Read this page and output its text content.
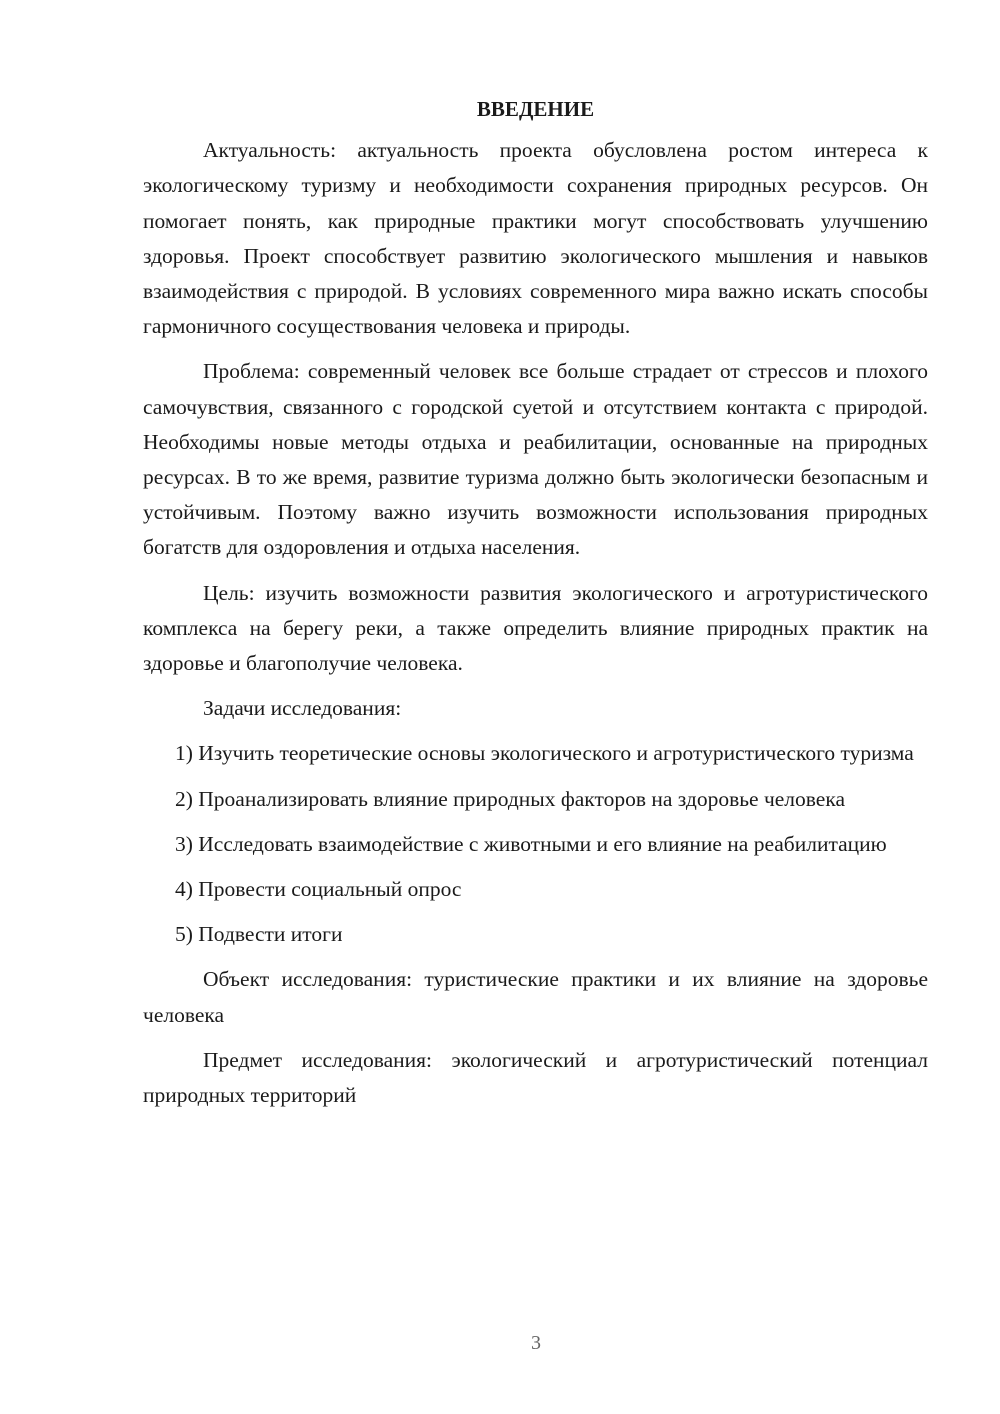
ВВЕДЕНИЕ

Актуальность: актуальность проекта обусловлена ростом интереса к экологическому туризму и необходимости сохранения природных ресурсов. Он помогает понять, как природные практики могут способствовать улучшению здоровья. Проект способствует развитию экологического мышления и навыков взаимодействия с природой. В условиях современного мира важно искать способы гармоничного сосуществования человека и природы.

Проблема: современный человек все больше страдает от стрессов и плохого самочувствия, связанного с городской суетой и отсутствием контакта с природой. Необходимы новые методы отдыха и реабилитации, основанные на природных ресурсах. В то же время, развитие туризма должно быть экологически безопасным и устойчивым. Поэтому важно изучить возможности использования природных богатств для оздоровления и отдыха населения.

Цель: изучить возможности развития экологического и агротуристического комплекса на берегу реки, а также определить влияние природных практик на здоровье и благополучие человека.

Задачи исследования:

1) Изучить теоретические основы экологического и агротуристического туризма

2) Проанализировать влияние природных факторов на здоровье человека

3) Исследовать взаимодействие с животными и его влияние на реабилитацию

4) Провести социальный опрос

5) Подвести итоги

Объект исследования: туристические практики и их влияние на здоровье человека

Предмет исследования: экологический и агротуристический потенциал природных территорий

3
